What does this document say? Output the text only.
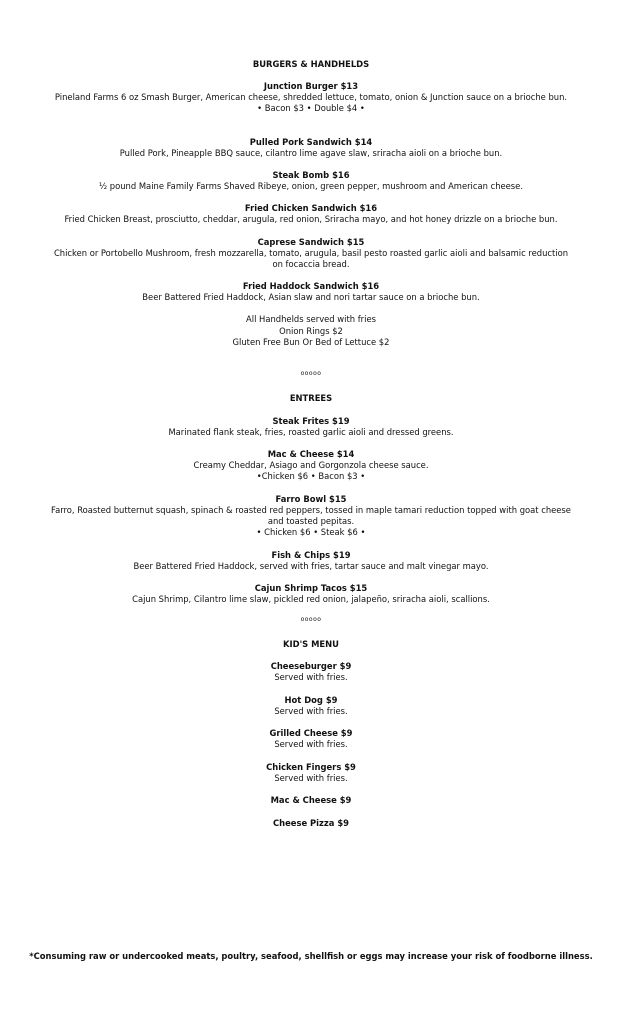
BURGERS & HANDHELDS
Junction Burger $13
Pineland Farms 6 oz Smash Burger, American cheese, shredded lettuce, tomato, onion & Junction sauce on a brioche bun.
• Bacon $3 • Double $4 •
Pulled Pork Sandwich $14
Pulled Pork, Pineapple BBQ sauce, cilantro lime agave slaw, sriracha aioli on a brioche bun.
Steak Bomb $16
½ pound Maine Family Farms Shaved Ribeye, onion, green pepper, mushroom and American cheese.
Fried Chicken Sandwich $16
Fried Chicken Breast, prosciutto, cheddar, arugula, red onion, Sriracha mayo, and hot honey drizzle on a brioche bun.
Caprese Sandwich $15
Chicken or Portobello Mushroom, fresh mozzarella, tomato, arugula, basil pesto roasted garlic aioli and balsamic reduction
on focaccia bread.
Fried Haddock Sandwich $16
Beer Battered Fried Haddock, Asian slaw and nori tartar sauce on a brioche bun.
All Handhelds served with fries
Onion Rings $2
Gluten Free Bun Or Bed of Lettuce $2
ooooo
ENTREES
Steak Frites $19
Marinated flank steak, fries, roasted garlic aioli and dressed greens.
Mac & Cheese $14
Creamy Cheddar, Asiago and Gorgonzola cheese sauce.
•Chicken $6 • Bacon $3 •
Farro Bowl $15
Farro, Roasted butternut squash, spinach & roasted red peppers, tossed in maple tamari reduction topped with goat cheese
and toasted pepitas.
• Chicken $6 • Steak $6 •
Fish & Chips $19
Beer Battered Fried Haddock, served with fries, tartar sauce and malt vinegar mayo.
Cajun Shrimp Tacos $15
Cajun Shrimp, Cilantro lime slaw, pickled red onion, jalapeño, sriracha aioli, scallions.
ooooo
KID'S MENU
Cheeseburger $9
Served with fries.
Hot Dog $9
Served with fries.
Grilled Cheese $9
Served with fries.
Chicken Fingers $9
Served with fries.
Mac & Cheese $9
Cheese Pizza $9
*Consuming raw or undercooked meats, poultry, seafood, shellfish or eggs may increase your risk of foodborne illness.
